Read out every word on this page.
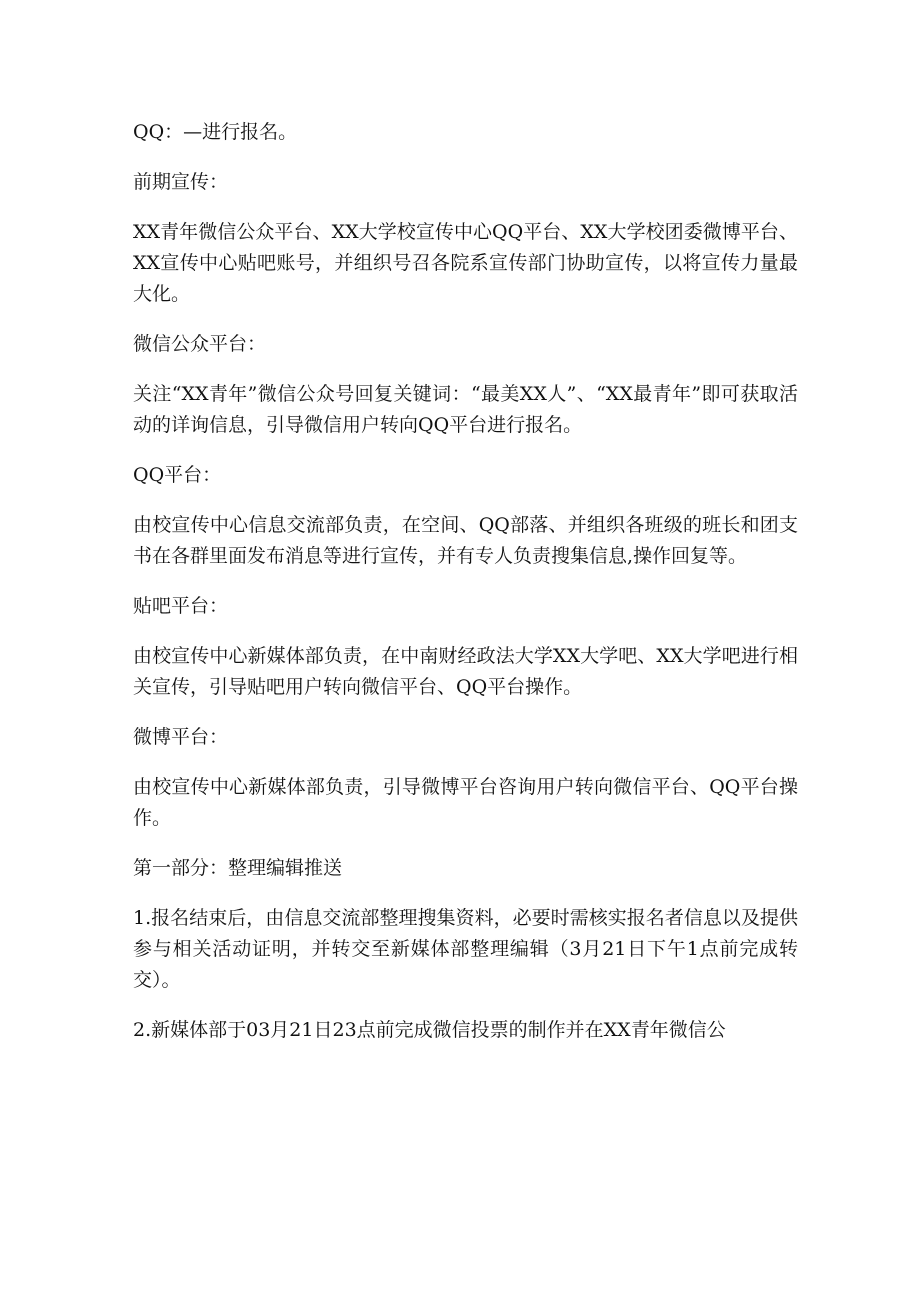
QQ：—进行报名。

前期宣传：

XX青年微信公众平台、XX大学校宣传中心QQ平台、XX大学校团委微博平台、XX宣传中心贴吧账号，并组织号召各院系宣传部门协助宣传，以将宣传力量最大化。

微信公众平台：

关注“XX青年”微信公众号回复关键词：“最美XX人”、“XX最青年”即可获取活动的详询信息，引导微信用户转向QQ平台进行报名。

QQ平台：

由校宣传中心信息交流部负责，在空间、QQ部落、并组织各班级的班长和团支书在各群里面发布消息等进行宣传，并有专人负责搜集信息,操作回复等。

贴吧平台：

由校宣传中心新媒体部负责，在中南财经政法大学XX大学吧、XX大学吧进行相关宣传，引导贴吧用户转向微信平台、QQ平台操作。

微博平台：

由校宣传中心新媒体部负责，引导微博平台咨询用户转向微信平台、QQ平台操作。

第一部分：整理编辑推送

1.报名结束后，由信息交流部整理搜集资料，必要时需核实报名者信息以及提供参与相关活动证明，并转交至新媒体部整理编辑（3月21日下午1点前完成转交）。

2.新媒体部于03月21日23点前完成微信投票的制作并在XX青年微信公
